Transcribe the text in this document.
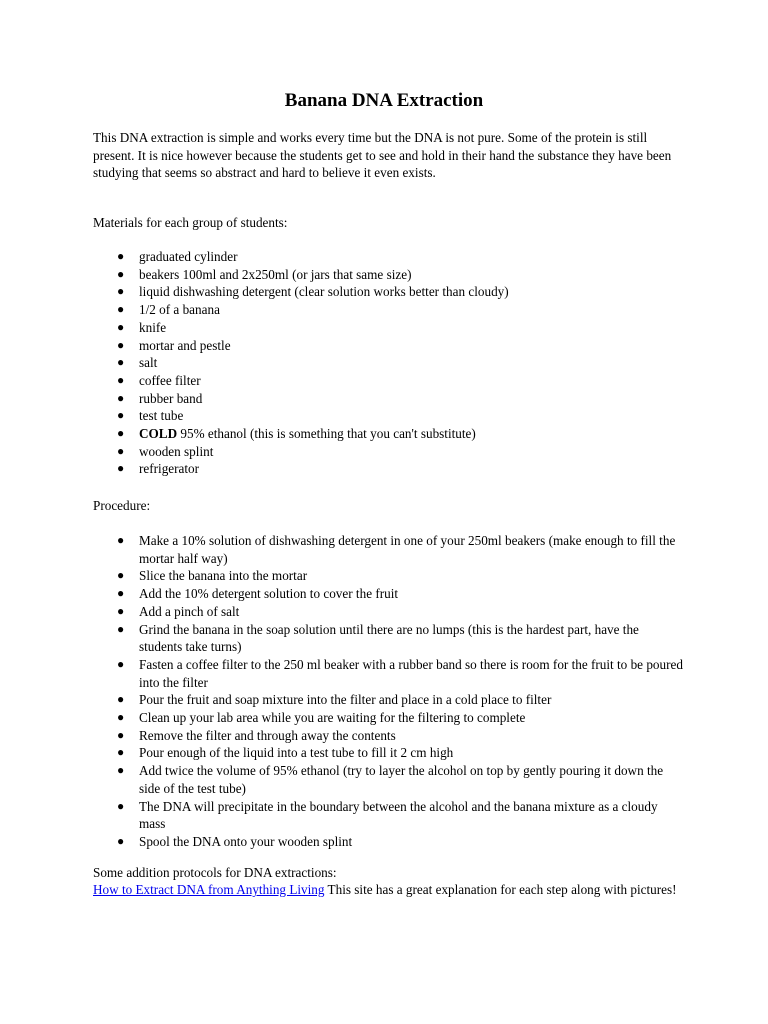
Banana DNA Extraction

This DNA extraction is simple and works every time but the DNA is not pure. Some of the protein is still present. It is nice however because the students get to see and hold in their hand the substance they have been studying that seems so abstract and hard to believe it even exists.

Materials for each group of students:

● graduated cylinder
● beakers 100ml and 2x250ml (or jars that same size)
● liquid dishwashing detergent (clear solution works better than cloudy)
● 1/2 of a banana
● knife
● mortar and pestle
● salt
● coffee filter
● rubber band
● test tube
● COLD 95% ethanol (this is something that you can't substitute)
● wooden splint
● refrigerator

Procedure:

● Make a 10% solution of dishwashing detergent in one of your 250ml beakers (make enough to fill the mortar half way)
● Slice the banana into the mortar
● Add the 10% detergent solution to cover the fruit
● Add a pinch of salt
● Grind the banana in the soap solution until there are no lumps (this is the hardest part, have the students take turns)
● Fasten a coffee filter to the 250 ml beaker with a rubber band so there is room for the fruit to be poured into the filter
● Pour the fruit and soap mixture into the filter and place in a cold place to filter
● Clean up your lab area while you are waiting for the filtering to complete
● Remove the filter and through away the contents
● Pour enough of the liquid into a test tube to fill it 2 cm high
● Add twice the volume of 95% ethanol (try to layer the alcohol on top by gently pouring it down the side of the test tube)
● The DNA will precipitate in the boundary between the alcohol and the banana mixture as a cloudy mass
● Spool the DNA onto your wooden splint

Some addition protocols for DNA extractions:

How to Extract DNA from Anything Living This site has a great explanation for each step along with pictures!
